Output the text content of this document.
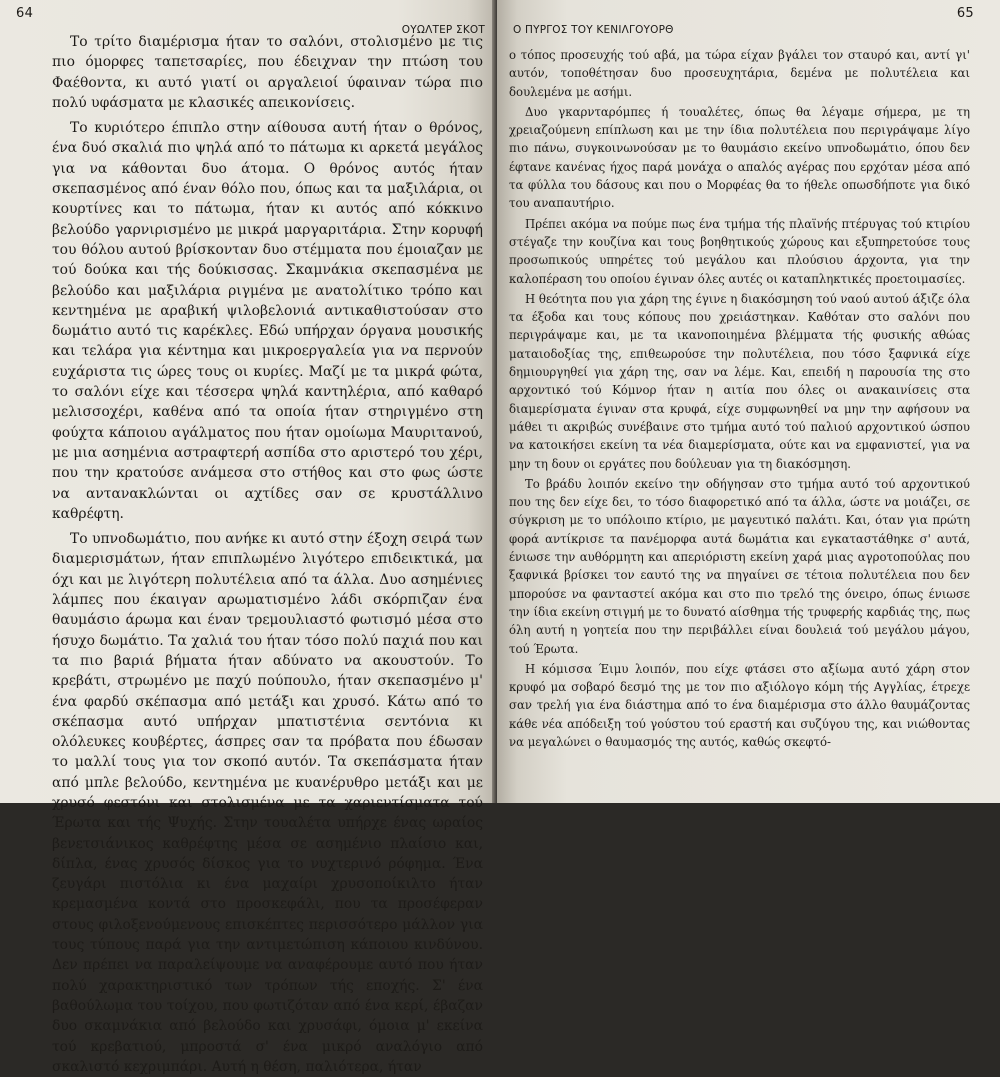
64
ΟΥΩΛΤΕΡ ΣΚΟΤ

Το τρίτο διαμέρισμα ήταν το σαλόνι, στολισμένο με τις πιο όμορφες ταπετσαρίες, που έδειχναν την πτώση του Φαέθοντα, κι αυτό γιατί οι αργαλειοί ύφαιναν τώρα πιο πολύ υφάσματα με κλασικές απεικονίσεις.

Το κυριότερο έπιπλο στην αίθουσα αυτή ήταν ο θρόνος, ένα δυό σκαλιά πιο ψηλά από το πάτωμα κι αρκετά μεγάλος για να κάθονται δυο άτομα. Ο θρόνος αυτός ήταν σκεπασμένος από έναν θόλο που, όπως και τα μαξιλάρια, οι κουρτίνες και το πάτωμα, ήταν κι αυτός από κόκκινο βελούδο γαρνιρισμένο με μικρά μαργαριτάρια. Στην κορυφή του θόλου αυτού βρίσκονταν δυο στέμματα που έμοιαζαν με τού δούκα και τής δούκισσας. Σκαμνάκια σκεπασμένα με βελούδο και μαξιλάρια ριγμένα με ανατολίτικο τρόπο και κεντημένα με αραβική ψιλοβελονιά αντικαθιστούσαν στο δωμάτιο αυτό τις καρέκλες. Εδώ υπήρχαν όργανα μουσικής και τελάρα για κέντημα και μικροεργαλεία για να περνούν ευχάριστα τις ώρες τους οι κυρίες. Μαζί με τα μικρά φώτα, το σαλόνι είχε και τέσσερα ψηλά καντηλέρια, από καθαρό μελισσοχέρι, καθένα από τα οποία ήταν στηριγμένο στη φούχτα κάποιου αγάλματος που ήταν ομοίωμα Μαυριτανού, με μια ασημένια αστραφτερή ασπίδα στο αριστερό του χέρι, που την κρατούσε ανάμεσα στο στήθος και στο φως ώστε να αντανακλώνται οι αχτίδες σαν σε κρυστάλλινο καθρέφτη.

Το υπνοδωμάτιο, που ανήκε κι αυτό στην έξοχη σειρά των διαμερισμάτων, ήταν επιπλωμένο λιγότερο επιδεικτικά, μα όχι και με λιγότερη πολυτέλεια από τα άλλα. Δυο ασημένιες λάμπες που έκαιγαν αρωματισμένο λάδι σκόρπιζαν ένα θαυμάσιο άρωμα και έναν τρεμουλιαστό φωτισμό μέσα στο ήσυχο δωμάτιο. Τα χαλιά του ήταν τόσο πολύ παχιά που και τα πιο βαριά βήματα ήταν αδύνατο να ακουστούν. Το κρεβάτι, στρωμένο με παχύ πούπουλο, ήταν σκεπασμένο μ' ένα φαρδύ σκέπασμα από μετάξι και χρυσό. Κάτω από το σκέπασμα αυτό υπήρχαν μπατιστένια σεντόνια κι ολόλευκες κουβέρτες, άσπρες σαν τα πρόβατα που έδωσαν το μαλλί τους για τον σκοπό αυτόν. Τα σκεπάσματα ήταν από μπλε βελούδο, κεντημένα με κυανέρυθρο μετάξι και με χρυσό φεστόνι και στολισμένα με τα χαριεντίσματα τού Έρωτα και τής Ψυχής. Στην τουαλέτα υπήρχε ένας ωραίος βενετσιάνικος καθρέφτης μέσα σε ασημένιο πλαίσιο και, δίπλα, ένας χρυσός δίσκος για το νυχτερινό ρόφημα. Ένα ζευγάρι πιστόλια κι ένα μαχαίρι χρυσοποίκιλτο ήταν κρεμασμένα κοντά στο προσκεφάλι, που τα προσέφεραν στους φιλοξενούμενους επισκέπτες περισσότερο μάλλον για τους τύπους παρά για την αντιμετώπιση κάποιου κινδύνου. Δεν πρέπει να παραλείψουμε να αναφέρουμε αυτό που ήταν πολύ χαρακτηριστικό των τρόπων τής εποχής. Σ' ένα βαθούλωμα του τοίχου, που φωτιζόταν από ένα κερί, έβαζαν δυο σκαμνάκια από βελούδο και χρυσάφι, όμοια μ' εκείνα τού κρεβατιού, μπροστά σ' ένα μικρό αναλόγιο από σκαλιστό κεχριμπάρι. Αυτή η θέση, παλιότερα, ήταν

Ο ΠΥΡΓΟΣ ΤΟΥ ΚΕΝΙΛΓΟΥΟΡΘ
65

ο τόπος προσευχής τού αβά, μα τώρα είχαν βγάλει τον σταυρό και, αντί γι' αυτόν, τοποθέτησαν δυο προσευχητάρια, δεμένα με πολυτέλεια και δουλεμένα με ασήμι.

Δυο γκαρνταρόμπες ή τουαλέτες, όπως θα λέγαμε σήμερα, με τη χρειαζούμενη επίπλωση και με την ίδια πολυτέλεια που περιγράψαμε λίγο πιο πάνω, συγκοινωνούσαν με το θαυμάσιο εκείνο υπνοδωμάτιο, όπου δεν έφτανε κανένας ήχος παρά μονάχα ο απαλός αγέρας που ερχόταν μέσα από τα φύλλα του δάσους και που ο Μορφέας θα το ήθελε οπωσδήποτε για δικό του αναπαυτήριο.

Πρέπει ακόμα να πούμε πως ένα τμήμα τής πλαϊνής πτέρυγας τού κτιρίου στέγαζε την κουζίνα και τους βοηθητικούς χώρους και εξυπηρετούσε τους προσωπικούς υπηρέτες τού μεγάλου και πλούσιου άρχοντα, για την καλοπέραση του οποίου έγιναν όλες αυτές οι καταπληκτικές προετοιμασίες.

Η θεότητα που για χάρη της έγινε η διακόσμηση τού ναού αυτού άξιζε όλα τα έξοδα και τους κόπους που χρειάστηκαν. Καθόταν στο σαλόνι που περιγράψαμε και, με τα ικανοποιημένα βλέμματα τής φυσικής αθώας ματαιοδοξίας της, επιθεωρούσε την πολυτέλεια, που τόσο ξαφνικά είχε δημιουργηθεί για χάρη της, σαν να λέμε. Και, επειδή η παρουσία της στο αρχοντικό τού Κόμνορ ήταν η αιτία που όλες οι ανακαινίσεις στα διαμερίσματα έγιναν στα κρυφά, είχε συμφωνηθεί να μην την αφήσουν να μάθει τι ακριβώς συνέβαινε στο τμήμα αυτό τού παλιού αρχοντικού ώσπου να κατοικήσει εκείνη τα νέα διαμερίσματα, ούτε και να εμφανιστεί, για να μην τη δουν οι εργάτες που δούλευαν για τη διακόσμηση.

Το βράδυ λοιπόν εκείνο την οδήγησαν στο τμήμα αυτό τού αρχοντικού που της δεν είχε δει, το τόσο διαφορετικό από τα άλλα, ώστε να μοιάζει, σε σύγκριση με το υπόλοιπο κτίριο, με μαγευτικό παλάτι. Και, όταν για πρώτη φορά αντίκρισε τα πανέμορφα αυτά δωμάτια και εγκαταστάθηκε σ' αυτά, ένιωσε την αυθόρμητη και απεριόριστη εκείνη χαρά μιας αγροτοπούλας που ξαφνικά βρίσκει τον εαυτό της να πηγαίνει σε τέτοια πολυτέλεια που δεν μπορούσε να φανταστεί ακόμα και στο πιο τρελό της όνειρο, όπως ένιωσε την ίδια εκείνη στιγμή με το δυνατό αίσθημα τής τρυφερής καρδιάς της, πως όλη αυτή η γοητεία που την περιβάλλει είναι δουλειά τού μεγάλου μάγου, τού Έρωτα.

Η κόμισσα Έιμυ λοιπόν, που είχε φτάσει στο αξίωμα αυτό χάρη στον κρυφό μα σοβαρό δεσμό της με τον πιο αξιόλογο κόμη τής Αγγλίας, έτρεχε σαν τρελή για ένα διάστημα από το ένα διαμέρισμα στο άλλο θαυμάζοντας κάθε νέα απόδειξη τού γούστου τού εραστή και συζύγου της, και νιώθοντας να μεγαλώνει ο θαυμασμός της αυτός, καθώς σκεφτό-
